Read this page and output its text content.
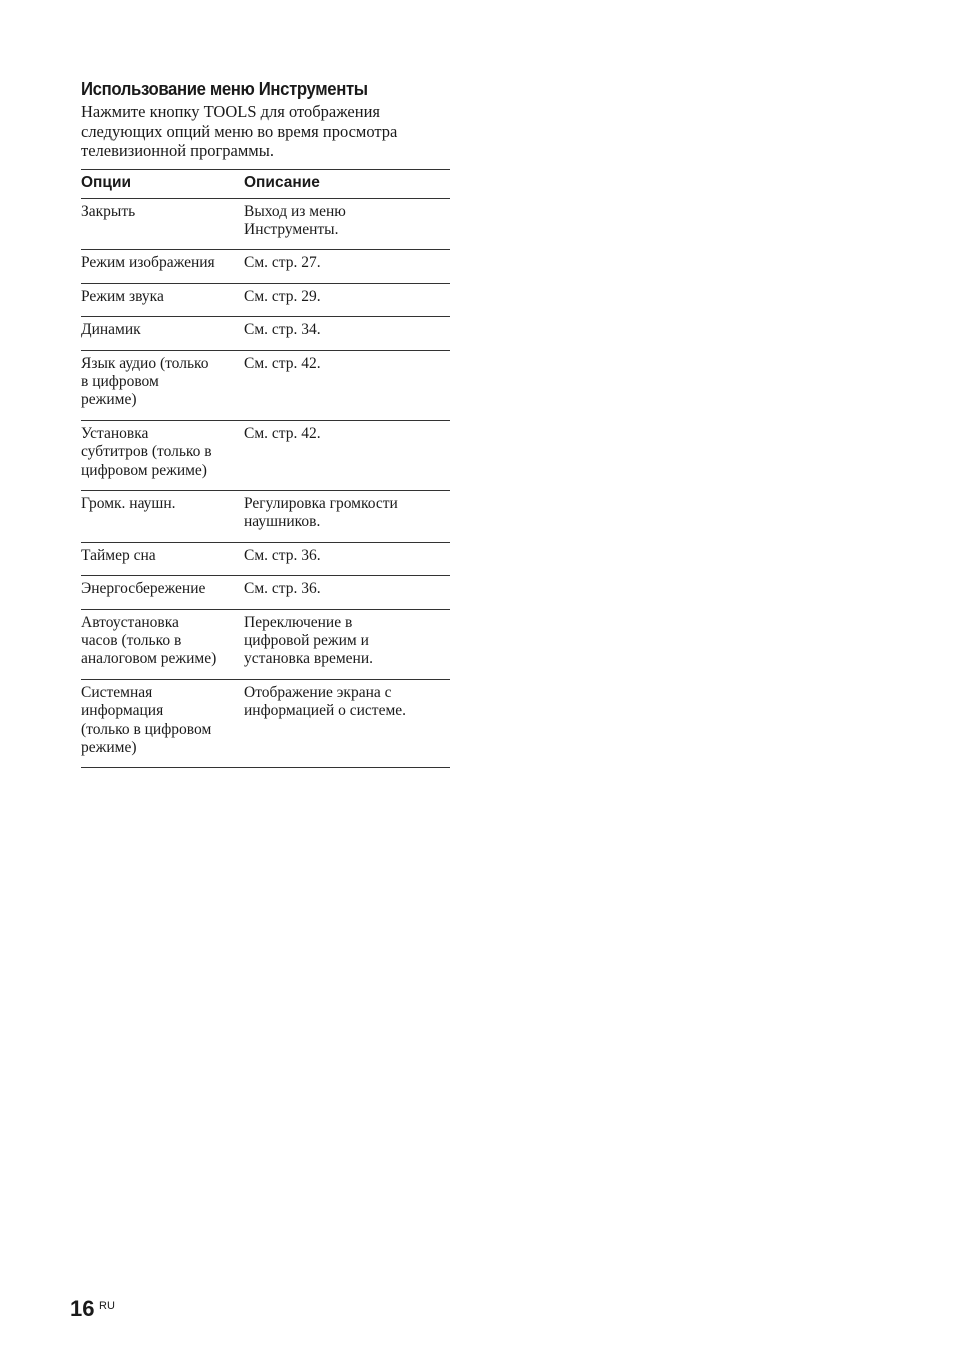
Использование меню Инструменты

Нажмите кнопку TOOLS для отображения
следующих опций меню во время просмотра
телевизионной программы.

Опции	Описание

Закрыть	Выход из меню
Инструменты.

Режим изображения	См. стр. 27.

Режим звука	См. стр. 29.

Динамик	См. стр. 34.

Язык аудио (только
в цифровом
режиме)	См. стр. 42.

Установка
субтитров (только в
цифровом режиме)	См. стр. 42.

Громк. наушн.	Регулировка громкости
наушников.

Таймер сна	См. стр. 36.

Энергосбережение	См. стр. 36.

Автоустановка
часов (только в
аналоговом режиме)	Переключение в
цифровой режим и
установка времени.

Системная
информация
(только в цифровом
режиме)	Отображение экрана с
информацией о системе.
16 RU
